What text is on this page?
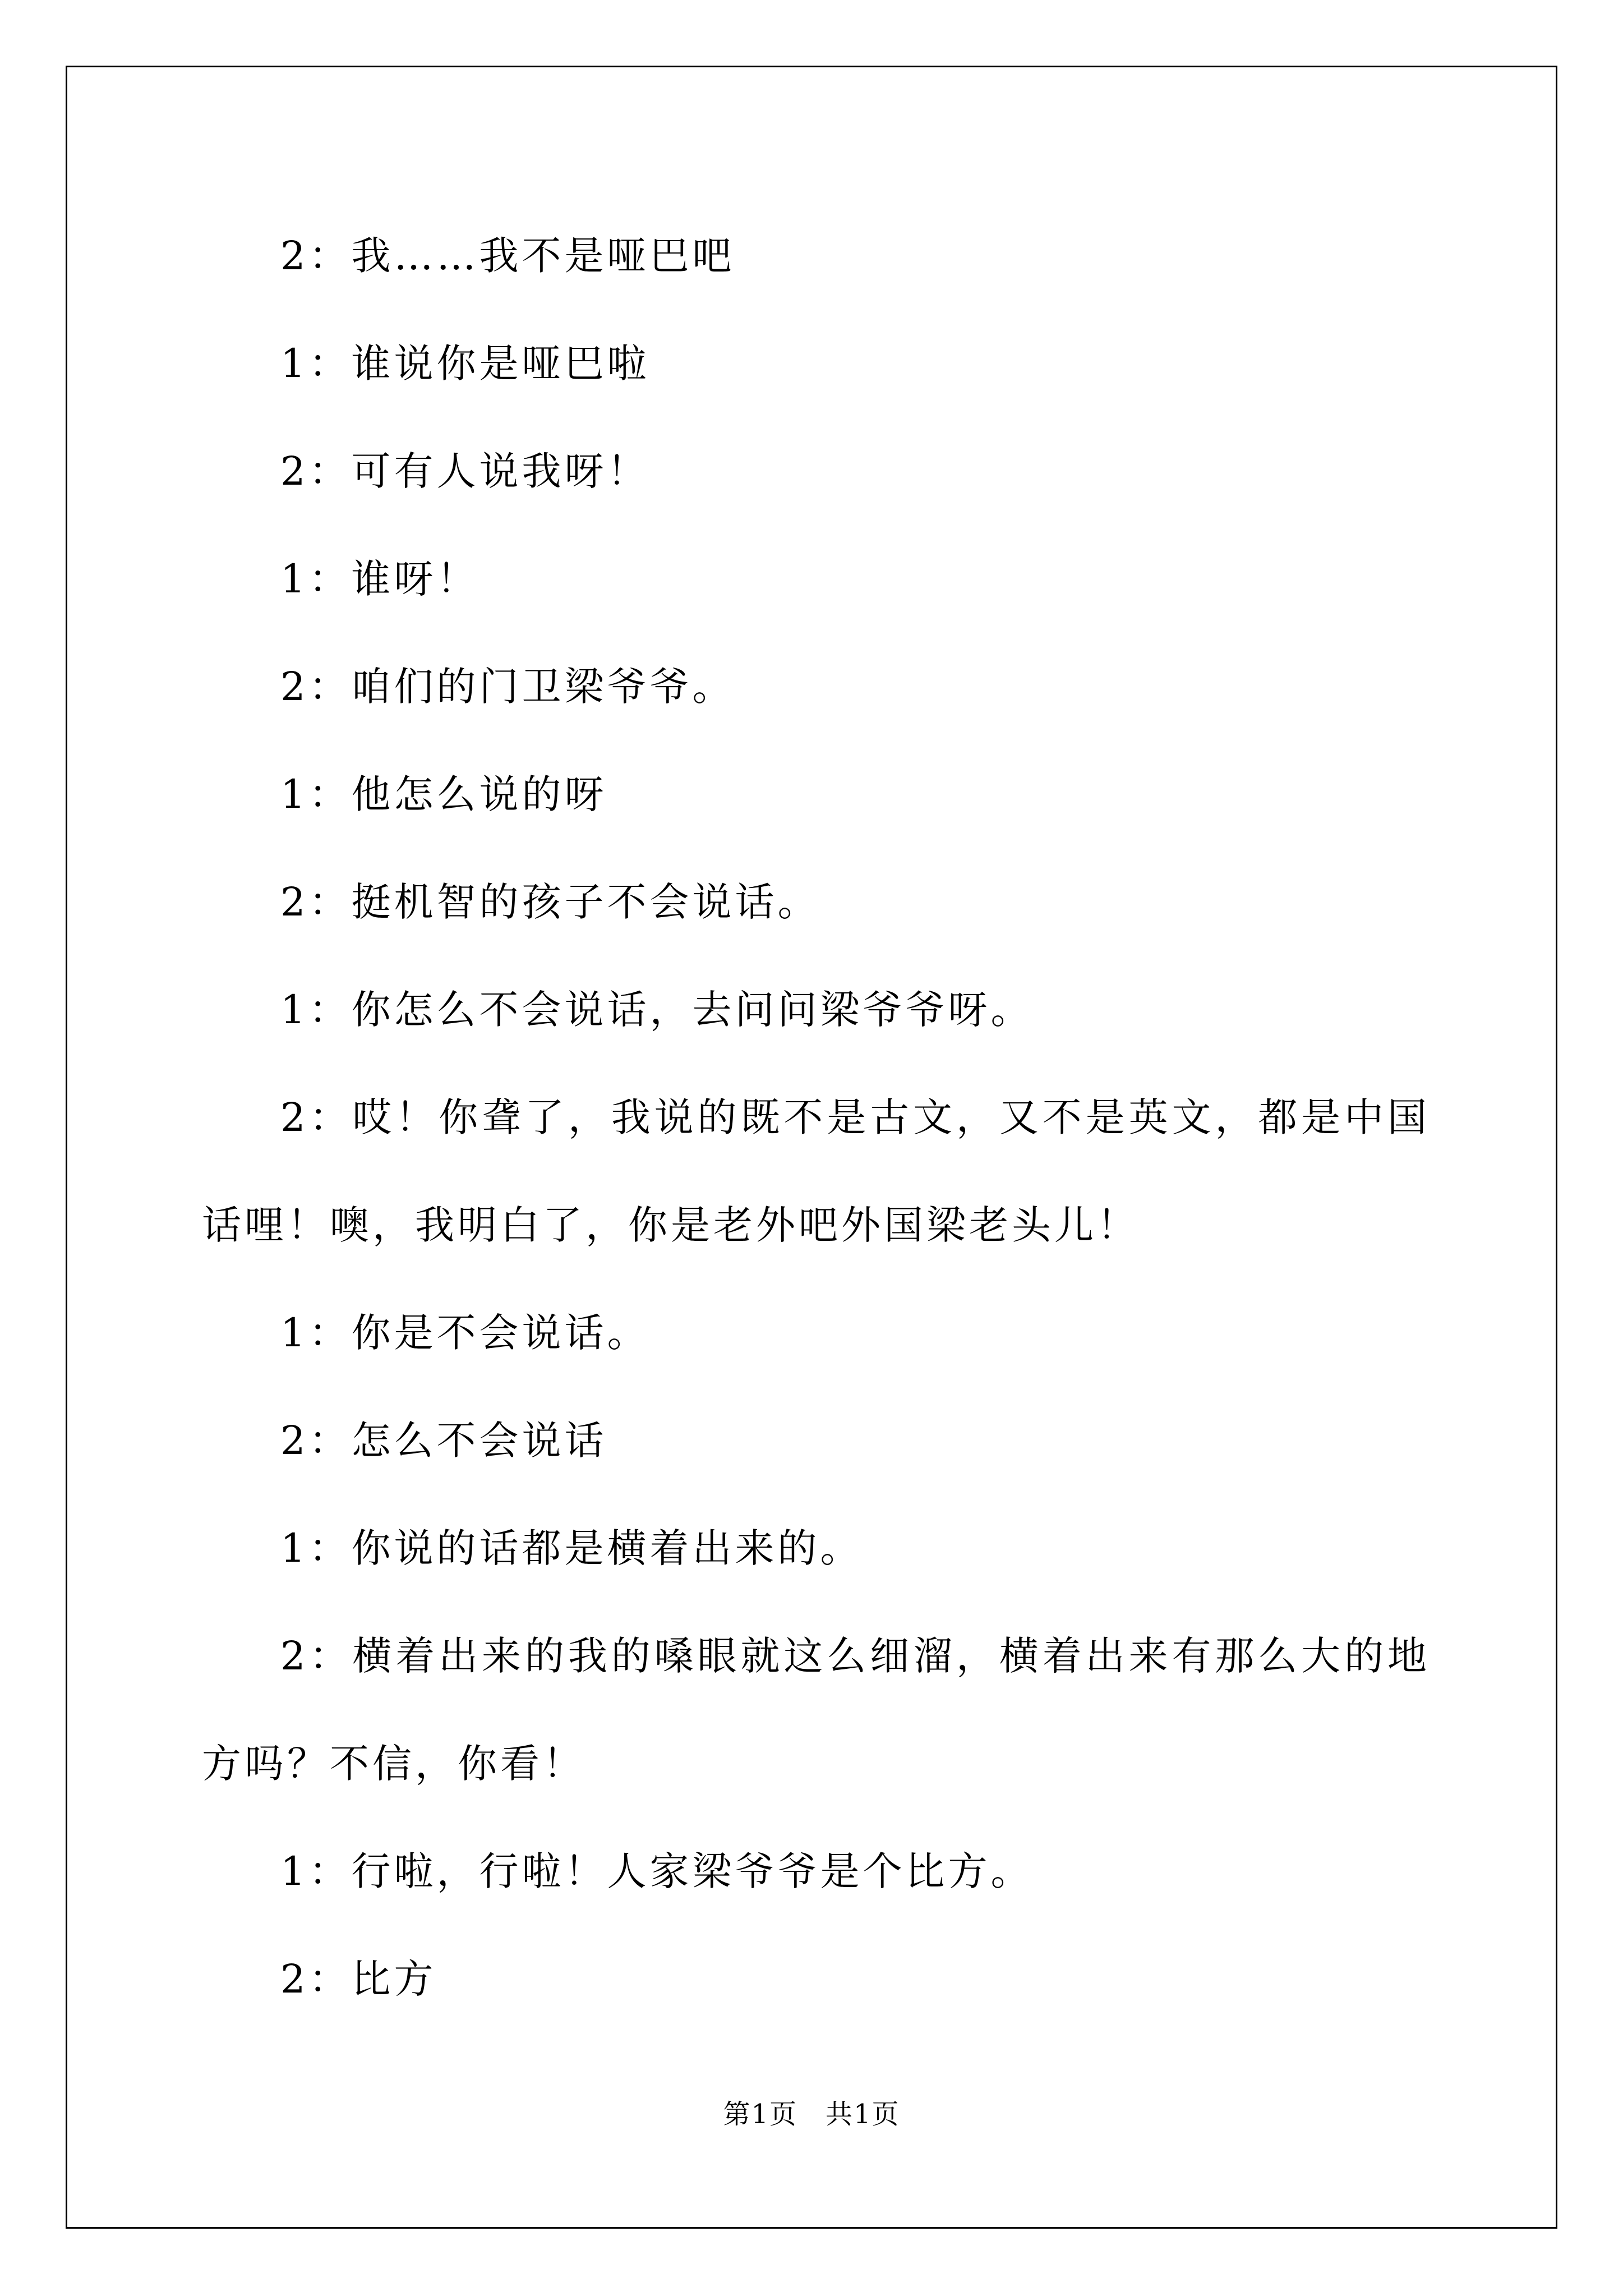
2：我……我不是哑巴吧

1：谁说你是哑巴啦

2：可有人说我呀！

1：谁呀！

2：咱们的门卫梁爷爷。

1：他怎么说的呀

2：挺机智的孩子不会说话。

1：你怎么不会说话，去问问梁爷爷呀。

2：哎！你聋了，我说的既不是古文，又不是英文，都是中国话哩！噢，我明白了，你是老外吧外国梁老头儿！

1：你是不会说话。

2：怎么不会说话

1：你说的话都是横着出来的。

2：横着出来的我的嗓眼就这么细溜，横着出来有那么大的地方吗？不信，你看！

1：行啦，行啦！人家梁爷爷是个比方。

2：比方

第1页　共1页
